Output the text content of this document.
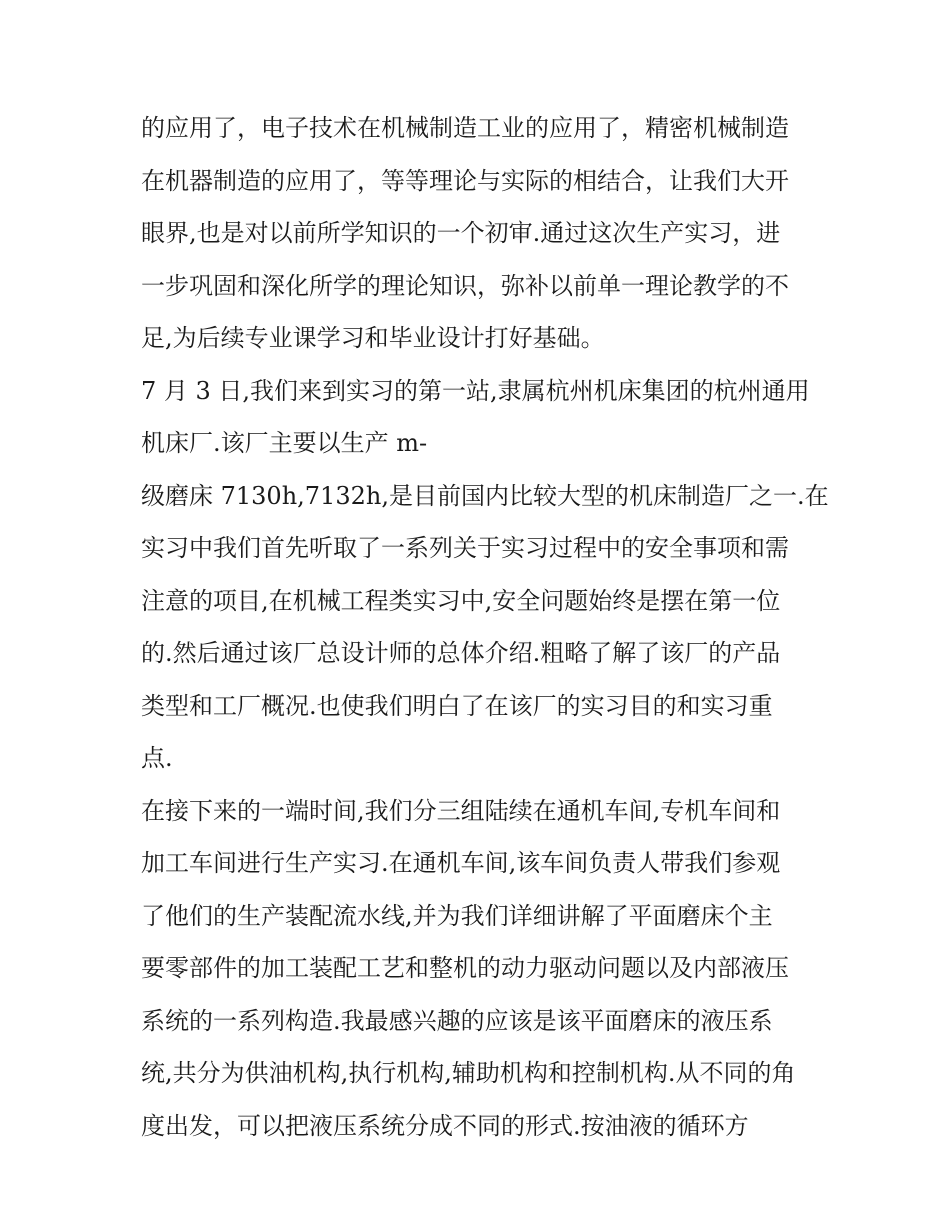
的应用了，电子技术在机械制造工业的应用了，精密机械制造
在机器制造的应用了，等等理论与实际的相结合，让我们大开
眼界,也是对以前所学知识的一个初审.通过这次生产实习，进
一步巩固和深化所学的理论知识，弥补以前单一理论教学的不
足,为后续专业课学习和毕业设计打好基础。
7 月 3 日,我们来到实习的第一站,隶属杭州机床集团的杭州通用
机床厂.该厂主要以生产 m-
级磨床 7130h,7132h,是目前国内比较大型的机床制造厂之一.在
实习中我们首先听取了一系列关于实习过程中的安全事项和需
注意的项目,在机械工程类实习中,安全问题始终是摆在第一位
的.然后通过该厂总设计师的总体介绍.粗略了解了该厂的产品
类型和工厂概况.也使我们明白了在该厂的实习目的和实习重
点.
在接下来的一端时间,我们分三组陆续在通机车间,专机车间和
加工车间进行生产实习.在通机车间,该车间负责人带我们参观
了他们的生产装配流水线,并为我们详细讲解了平面磨床个主
要零部件的加工装配工艺和整机的动力驱动问题以及内部液压
系统的一系列构造.我最感兴趣的应该是该平面磨床的液压系
统,共分为供油机构,执行机构,辅助机构和控制机构.从不同的角
度出发，可以把液压系统分成不同的形式.按油液的循环方
